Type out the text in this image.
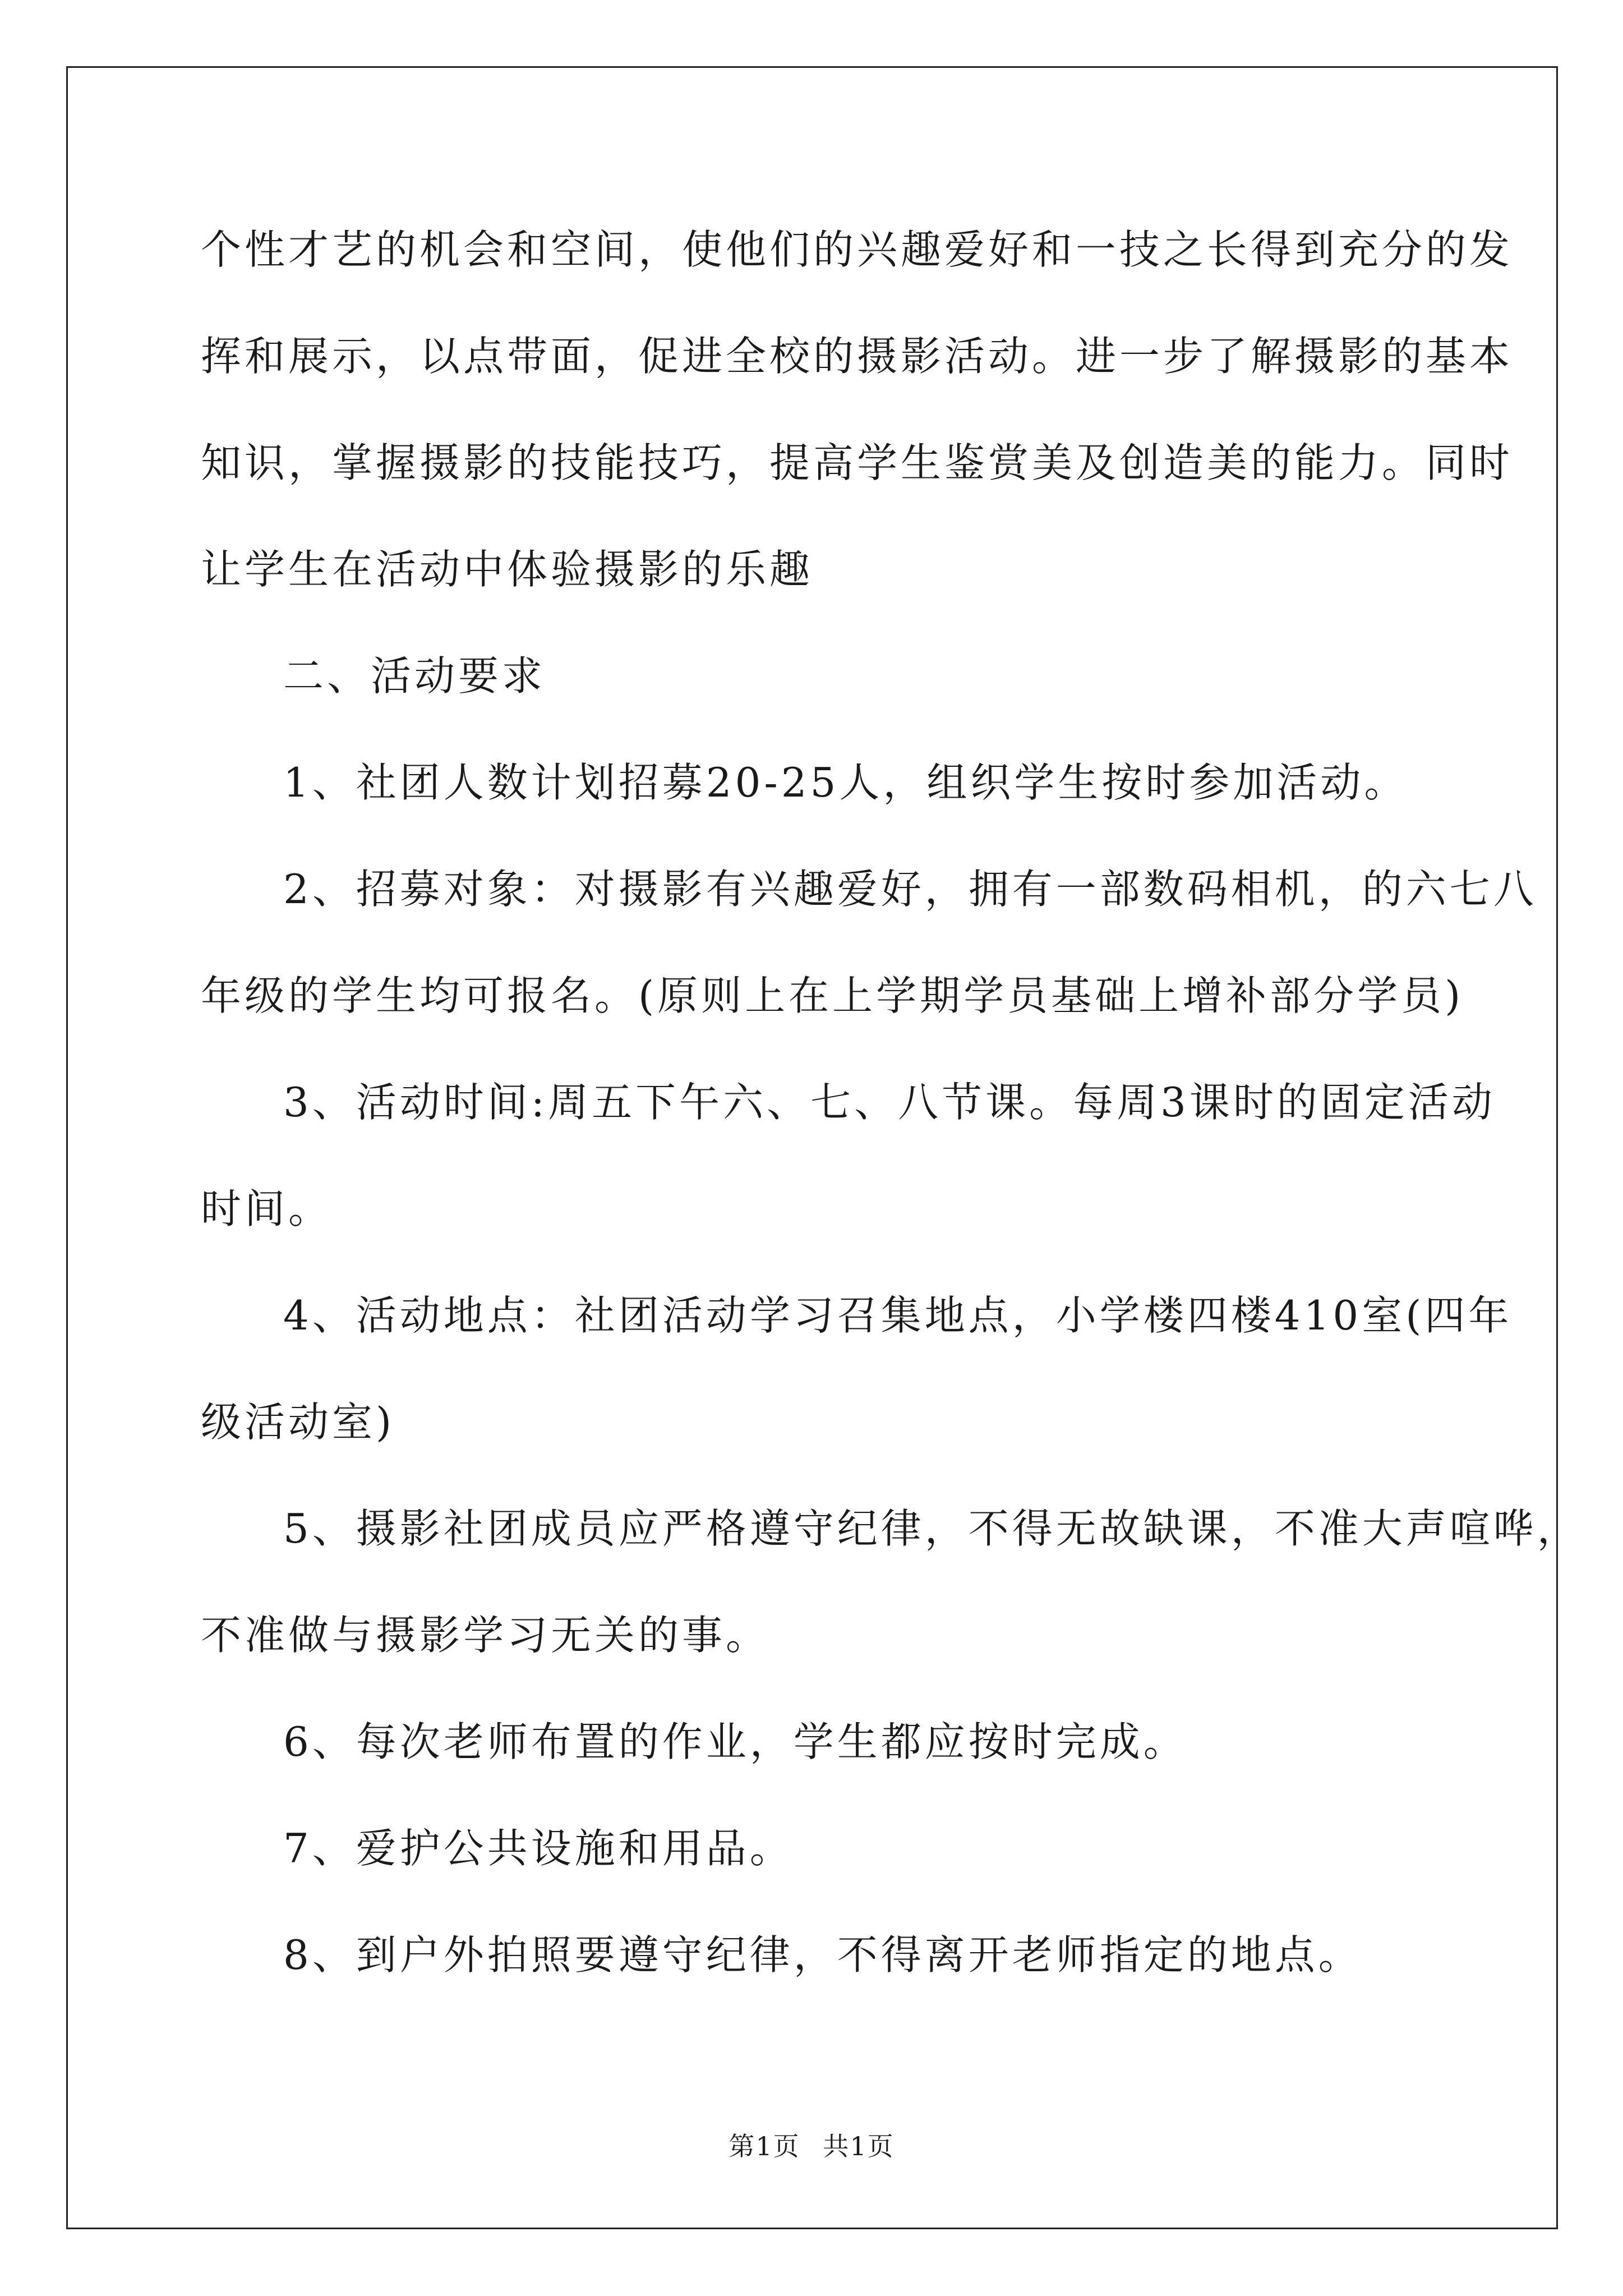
个性才艺的机会和空间，使他们的兴趣爱好和一技之长得到充分的发
挥和展示，以点带面，促进全校的摄影活动。进一步了解摄影的基本
知识，掌握摄影的技能技巧，提高学生鉴赏美及创造美的能力。同时
让学生在活动中体验摄影的乐趣
二、活动要求
1、社团人数计划招募20-25人，组织学生按时参加活动。
2、招募对象：对摄影有兴趣爱好，拥有一部数码相机，的六七八
年级的学生均可报名。(原则上在上学期学员基础上增补部分学员)
3、活动时间:周五下午六、七、八节课。每周3课时的固定活动
时间。
4、活动地点：社团活动学习召集地点，小学楼四楼410室(四年
级活动室)
5、摄影社团成员应严格遵守纪律，不得无故缺课，不准大声喧哗，
不准做与摄影学习无关的事。
6、每次老师布置的作业，学生都应按时完成。
7、爱护公共设施和用品。
8、到户外拍照要遵守纪律，不得离开老师指定的地点。
第1页 共1页
